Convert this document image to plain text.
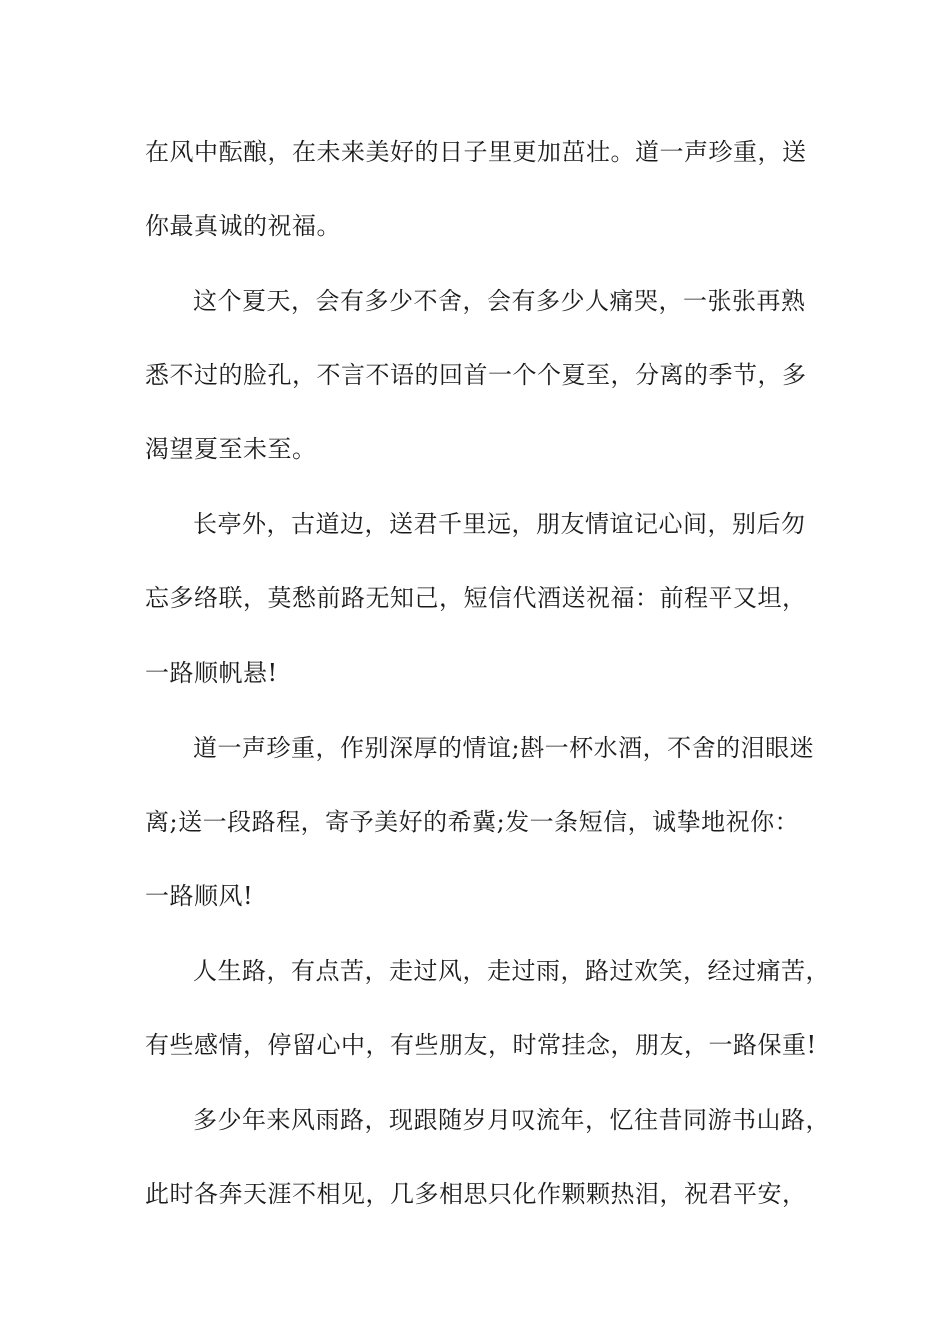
在风中酝酿，在未来美好的日子里更加茁壮。道一声珍重，送
你最真诚的祝福。
这个夏天，会有多少不舍，会有多少人痛哭，一张张再熟
悉不过的脸孔，不言不语的回首一个个夏至，分离的季节，多
渴望夏至未至。
长亭外，古道边，送君千里远，朋友情谊记心间，别后勿
忘多络联，莫愁前路无知己，短信代酒送祝福：前程平又坦，
一路顺帆悬!
道一声珍重，作别深厚的情谊;斟一杯水酒，不舍的泪眼迷
离;送一段路程，寄予美好的希冀;发一条短信，诚挚地祝你：
一路顺风!
人生路，有点苦，走过风，走过雨，路过欢笑，经过痛苦，
有些感情，停留心中，有些朋友，时常挂念，朋友，一路保重!
多少年来风雨路，现跟随岁月叹流年，忆往昔同游书山路，
此时各奔天涯不相见，几多相思只化作颗颗热泪，祝君平安，
